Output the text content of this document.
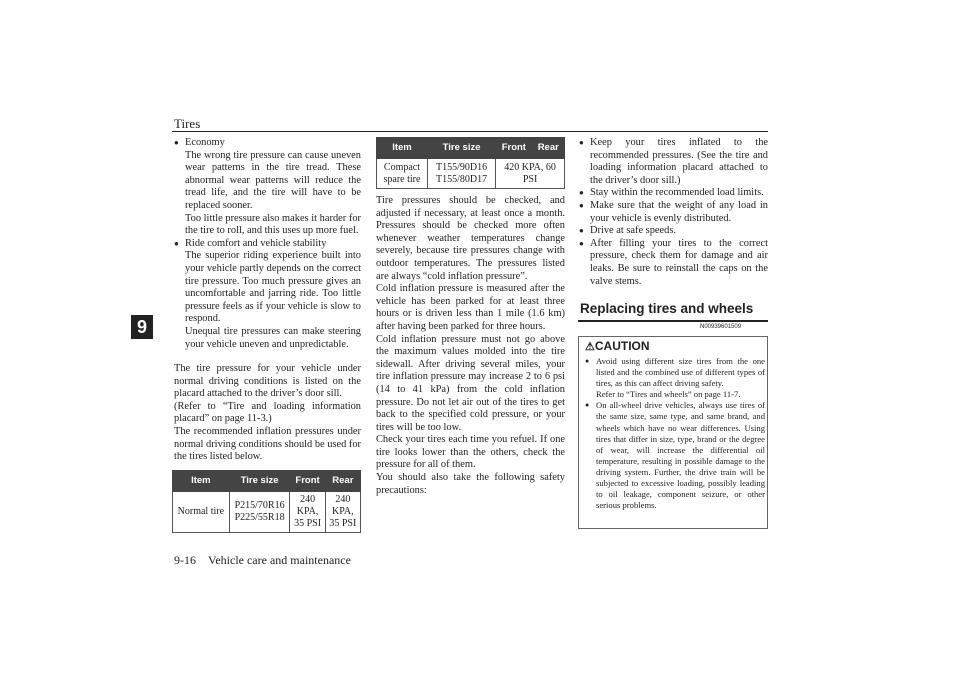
Tires
9

● Economy

The wrong tire pressure can cause uneven wear patterns in the tire tread. These abnormal wear patterns will reduce the tread life, and the tire will have to be replaced sooner.

Too little pressure also makes it harder for the tire to roll, and this uses up more fuel.

● Ride comfort and vehicle stability

The superior riding experience built into your vehicle partly depends on the correct tire pressure. Too much pressure gives an uncomfortable and jarring ride. Too little pressure feels as if your vehicle is slow to respond.

Unequal tire pressures can make steering your vehicle uneven and unpredictable.

The tire pressure for your vehicle under normal driving conditions is listed on the placard attached to the driver’s door sill.

(Refer to “Tire and loading information placard” on page 11-3.)

The recommended inflation pressures under normal driving conditions should be used for the tires listed below.

Item	Tire size	Front	Rear
Normal tire	P215/70R16
P225/55R18	240
KPA,
35 PSI	240
KPA,
35 PSI
Item	Tire size	Front	Rear
Compact
spare tire	T155/90D16
T155/80D17	420 KPA, 60
PSI	

Tire pressures should be checked, and adjusted if necessary, at least once a month. Pressures should be checked more often whenever weather temperatures change severely, because tire pressures change with outdoor temperatures. The pressures listed are always “cold inflation pressure”.

Cold inflation pressure is measured after the vehicle has been parked for at least three hours or is driven less than 1 mile (1.6 km) after having been parked for three hours.

Cold inflation pressure must not go above the maximum values molded into the tire sidewall. After driving several miles, your tire inflation pressure may increase 2 to 6 psi (14 to 41 kPa) from the cold inflation pressure. Do not let air out of the tires to get back to the specified cold pressure, or your tires will be too low.

Check your tires each time you refuel. If one tire looks lower than the others, check the pressure for all of them.

You should also take the following safety precautions:

● Keep your tires inflated to the recommended pressures. (See the tire and loading information placard attached to the driver’s door sill.)

● Stay within the recommended load limits.

● Make sure that the weight of any load in your vehicle is evenly distributed.

● Drive at safe speeds.

● After filling your tires to the correct pressure, check them for damage and air leaks. Be sure to reinstall the caps on the valve stems.

Replacing tires and wheels
N00939601509
⚠CAUTION

● Avoid using different size tires from the one listed and the combined use of different types of tires, as this can affect driving safety.

Refer to “Tires and wheels” on page 11-7.

● On all-wheel drive vehicles, always use tires of the same size, same type, and same brand, and wheels which have no wear differences. Using tires that differ in size, type, brand or the degree of wear, will increase the differential oil temperature, resulting in possible damage to the driving system. Further, the drive train will be subjected to excessive loading, possibly leading to oil leakage, component seizure, or other serious problems.

9-16 Vehicle care and maintenance
